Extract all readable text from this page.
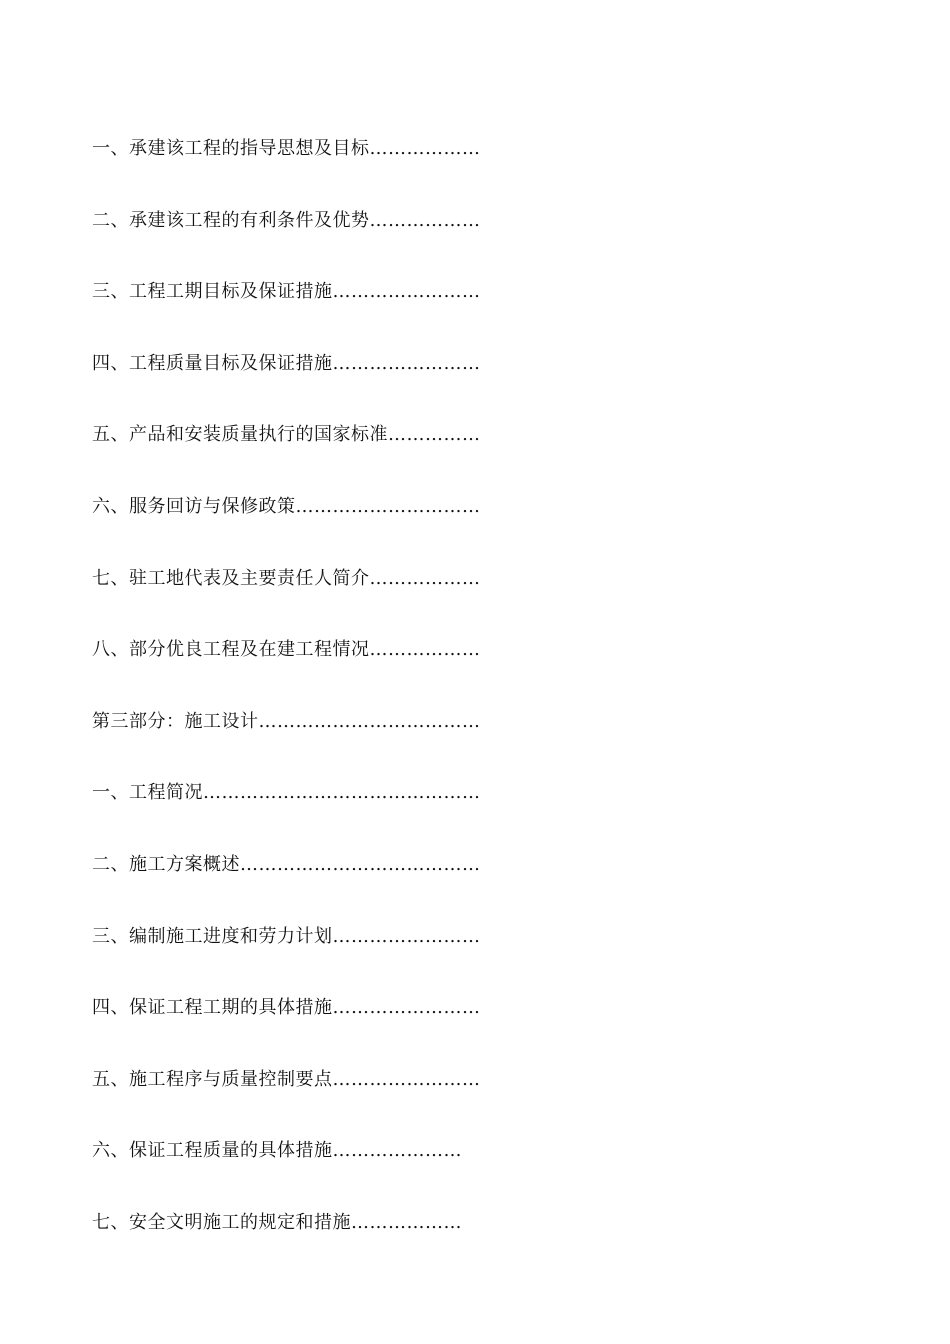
一、承建该工程的指导思想及目标………………
二、承建该工程的有利条件及优势………………
三、工程工期目标及保证措施……………………
四、工程质量目标及保证措施……………………
五、产品和安装质量执行的国家标准……………
六、服务回访与保修政策…………………………
七、驻工地代表及主要责任人简介………………
八、部分优良工程及在建工程情况………………
第三部分：施工设计………………………………
一、工程简况………………………………………
二、施工方案概述…………………………………
三、编制施工进度和劳力计划……………………
四、保证工程工期的具体措施……………………
五、施工程序与质量控制要点……………………
六、保证工程质量的具体措施…………………
七、安全文明施工的规定和措施………………
